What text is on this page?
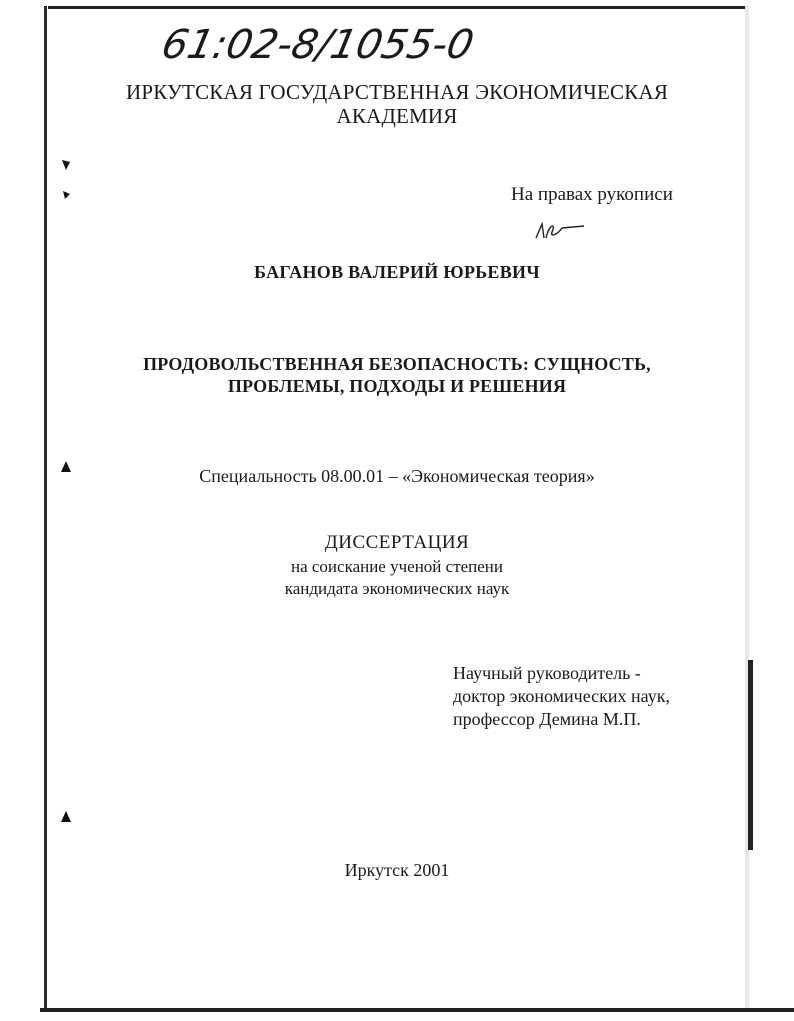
61:02-8/1055-0
ИРКУТСКАЯ ГОСУДАРСТВЕННАЯ ЭКОНОМИЧЕСКАЯ
АКАДЕМИЯ
На правах рукописи
БАГАНОВ ВАЛЕРИЙ ЮРЬЕВИЧ
ПРОДОВОЛЬСТВЕННАЯ БЕЗОПАСНОСТЬ: СУЩНОСТЬ,
ПРОБЛЕМЫ, ПОДХОДЫ И РЕШЕНИЯ
Специальность 08.00.01 – «Экономическая теория»
ДИССЕРТАЦИЯ
на соискание ученой степени
кандидата экономических наук
Научный руководитель -
доктор экономических наук,
профессор Демина М.П.
Иркутск 2001
